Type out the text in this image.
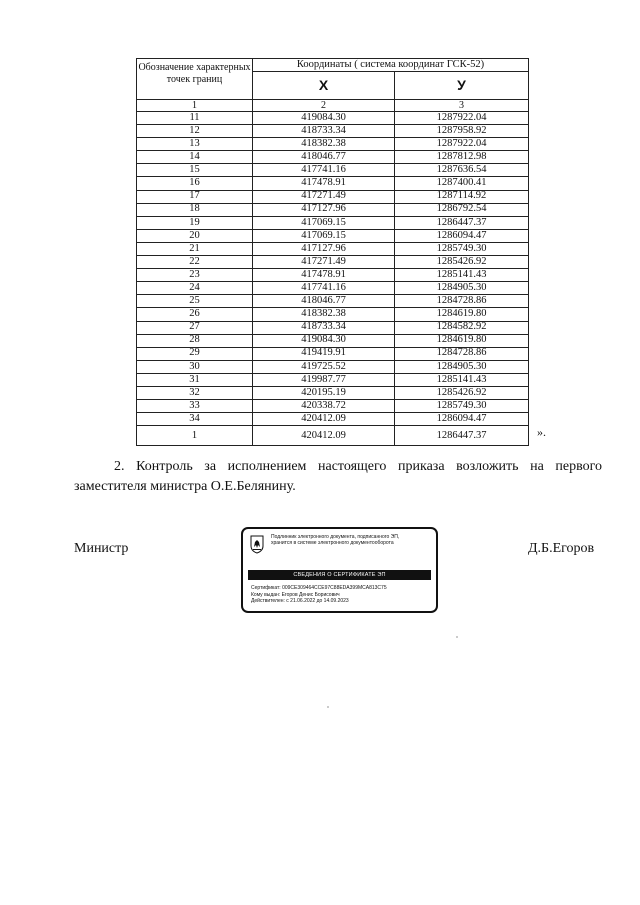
Обозначение характерных точек границ	Координаты ( система координат ГСК-52)	
	X	У
1	2	3
11	419084.30	1287922.04
12	418733.34	1287958.92
13	418382.38	1287922.04
14	418046.77	1287812.98
15	417741.16	1287636.54
16	417478.91	1287400.41
17	417271.49	1287114.92
18	417127.96	1286792.54
19	417069.15	1286447.37
20	417069.15	1286094.47
21	417127.96	1285749.30
22	417271.49	1285426.92
23	417478.91	1285141.43
24	417741.16	1284905.30
25	418046.77	1284728.86
26	418382.38	1284619.80
27	418733.34	1284582.92
28	419084.30	1284619.80
29	419419.91	1284728.86
30	419725.52	1284905.30
31	419987.77	1285141.43
32	420195.19	1285426.92
33	420338.72	1285749.30
34	420412.09	1286094.47
1	420412.09	1286447.37	».
2. Контроль за исполнением настоящего приказа возложить на первого
заместителя министра О.Е.Белянину.
Министр	Д.Б.Егоров
Подлинник электронного документа, подписанного ЭП,
хранится в системе электронного документооборота
СВЕДЕНИЯ О СЕРТИФИКАТЕ ЭП
Сертификат: 009CE309464CCE97C88EDA399MCA813C75
Кому выдан: Егоров Денис Борисович
Действителен: с 21.06.2022 до 14.09.2023
